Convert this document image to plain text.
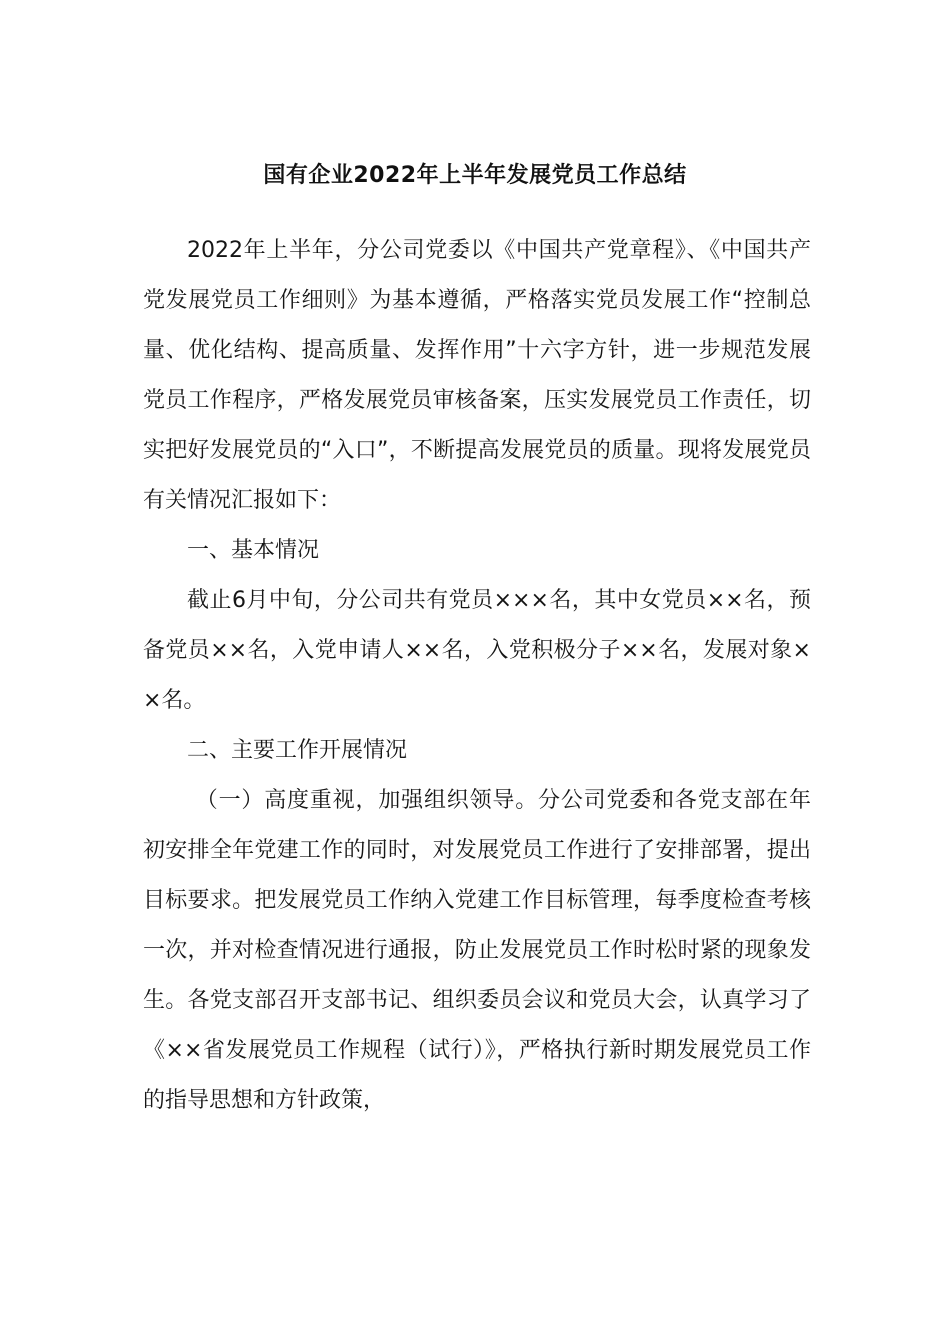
国有企业2022年上半年发展党员工作总结

2022年上半年，分公司党委以《中国共产党章程》、《中国共产党发展党员工作细则》为基本遵循，严格落实党员发展工作“控制总量、优化结构、提高质量、发挥作用”十六字方针，进一步规范发展党员工作程序，严格发展党员审核备案，压实发展党员工作责任，切实把好发展党员的“入口”，不断提高发展党员的质量。现将发展党员有关情况汇报如下：

一、基本情况

截止6月中旬，分公司共有党员×××名，其中女党员××名，预备党员××名，入党申请人××名，入党积极分子××名，发展对象××名。

二、主要工作开展情况

（一）高度重视，加强组织领导。分公司党委和各党支部在年初安排全年党建工作的同时，对发展党员工作进行了安排部署，提出目标要求。把发展党员工作纳入党建工作目标管理，每季度检查考核一次，并对检查情况进行通报，防止发展党员工作时松时紧的现象发生。各党支部召开支部书记、组织委员会议和党员大会，认真学习了《××省发展党员工作规程（试行）》，严格执行新时期发展党员工作的指导思想和方针政策，
